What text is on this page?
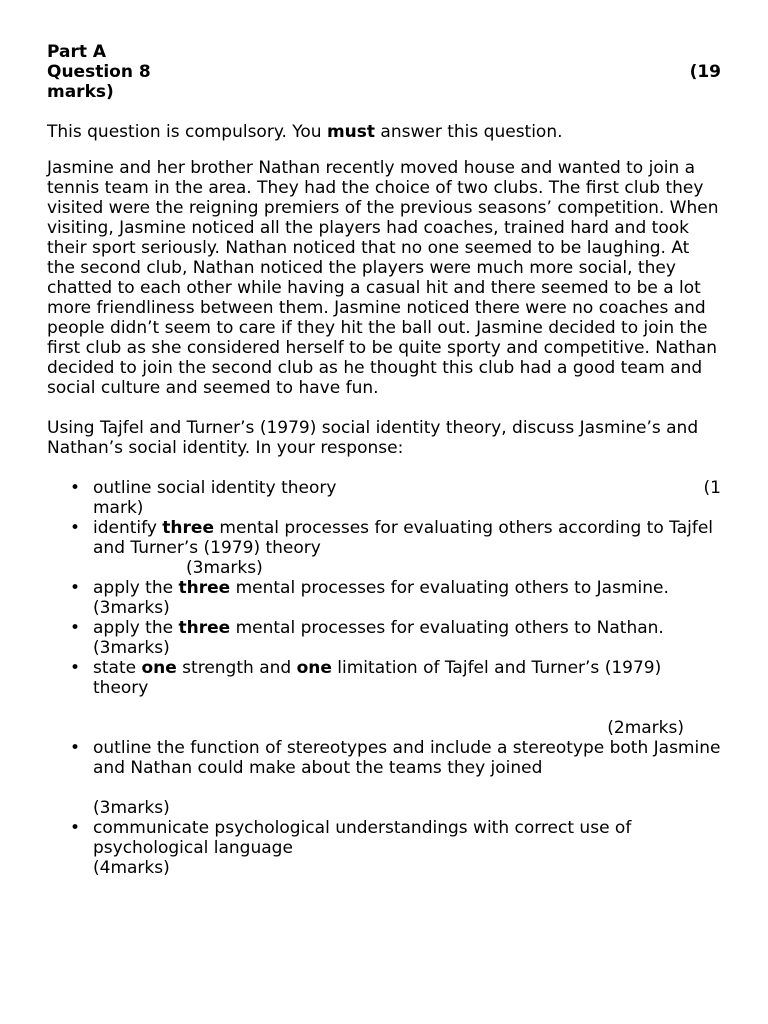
Part A
Question 8	(19
marks)

This question is compulsory. You must answer this question.

Jasmine and her brother Nathan recently moved house and wanted to join a tennis team in the area. They had the choice of two clubs. The first club they visited were the reigning premiers of the previous seasons’ competition. When visiting, Jasmine noticed all the players had coaches, trained hard and took their sport seriously. Nathan noticed that no one seemed to be laughing. At the second club, Nathan noticed the players were much more social, they chatted to each other while having a casual hit and there seemed to be a lot more friendliness between them. Jasmine noticed there were no coaches and people didn’t seem to care if they hit the ball out. Jasmine decided to join the first club as she considered herself to be quite sporty and competitive. Nathan decided to join the second club as he thought this club had a good team and social culture and seemed to have fun.

Using Tajfel and Turner’s (1979) social identity theory, discuss Jasmine’s and Nathan’s social identity. In your response:

• outline social identity theory	(1
mark)
• identify three mental processes for evaluating others according to Tajfel and Turner’s (1979) theory
(3marks)
• apply the three mental processes for evaluating others to Jasmine.
(3marks)
• apply the three mental processes for evaluating others to Nathan.
(3marks)
• state one strength and one limitation of Tajfel and Turner’s (1979) theory
(2marks)
• outline the function of stereotypes and include a stereotype both Jasmine and Nathan could make about the teams they joined
(3marks)
• communicate psychological understandings with correct use of psychological language
(4marks)
